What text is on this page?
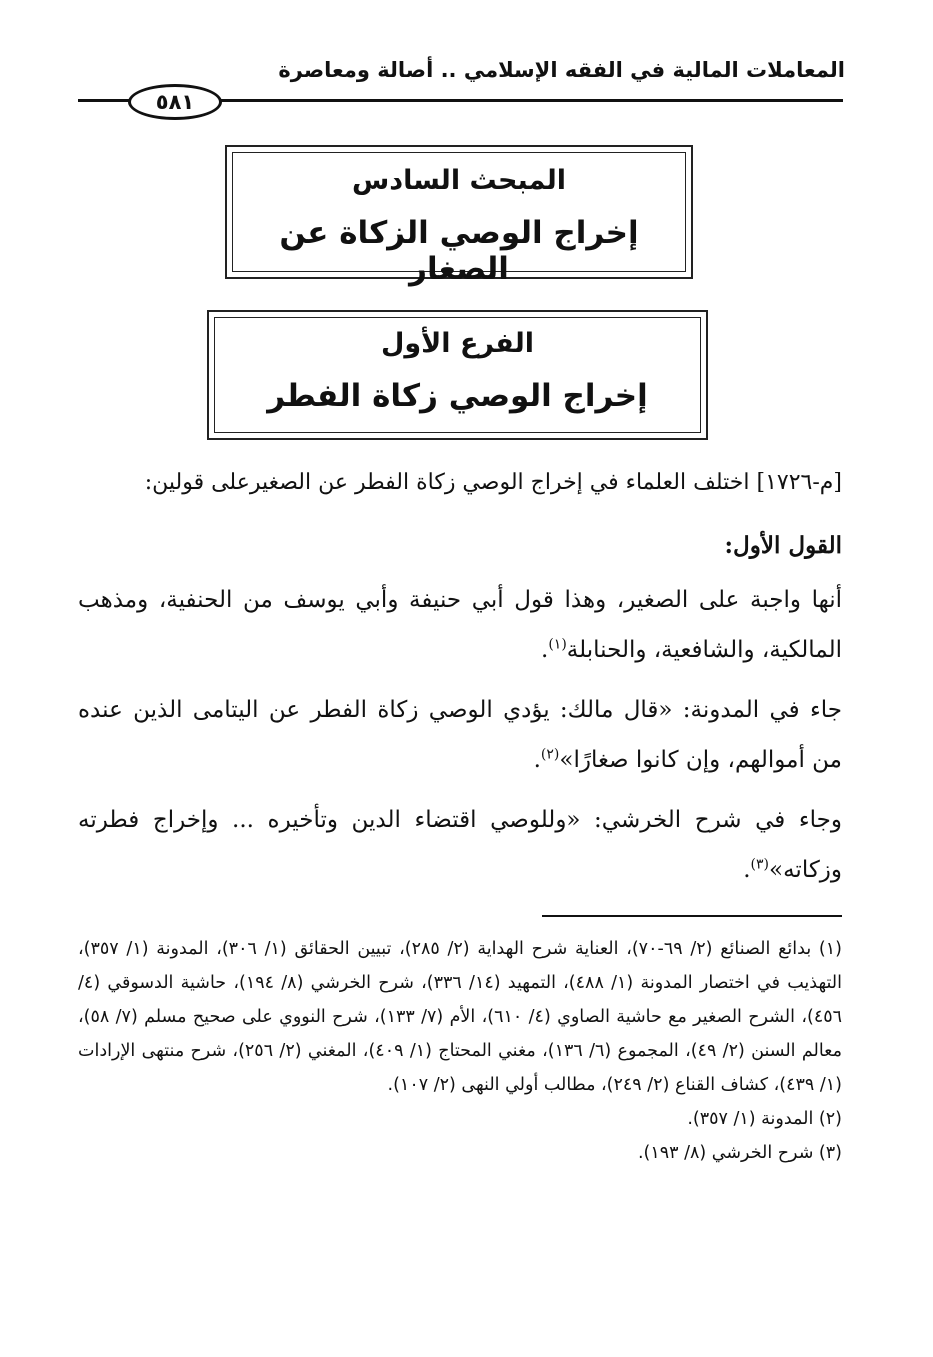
المعاملات المالية في الفقه الإسلامي .. أصالة ومعاصرة
٥٨١
المبحث السادس
إخراج الوصي الزكاة عن الصغار
الفرع الأول
إخراج الوصي زكاة الفطر
[م-١٧٢٦] اختلف العلماء في إخراج الوصي زكاة الفطر عن الصغيرعلى قولين:
القول الأول:
أنها واجبة على الصغير، وهذا قول أبي حنيفة وأبي يوسف من الحنفية، ومذهب المالكية، والشافعية، والحنابلة$^{(١)}$.
جاء في المدونة: «قال مالك: يؤدي الوصي زكاة الفطر عن اليتامى الذين عنده من أموالهم، وإن كانوا صغارًا»$^{(٢)}$.
وجاء في شرح الخرشي: «وللوصي اقتضاء الدين وتأخيره ... وإخراج فطرته وزكاته»$^{(٣)}$.

(١) بدائع الصنائع (٢/ ٦٩-٧٠)، العناية شرح الهداية (٢/ ٢٨٥)، تبيين الحقائق (١/ ٣٠٦)، المدونة (١/ ٣٥٧)، التهذيب في اختصار المدونة (١/ ٤٨٨)، التمهيد (١٤/ ٣٣٦)، شرح الخرشي (٨/ ١٩٤)، حاشية الدسوقي (٤/ ٤٥٦)، الشرح الصغير مع حاشية الصاوي (٤/ ٦١٠)، الأم (٧/ ١٣٣)، شرح النووي على صحيح مسلم (٧/ ٥٨)، معالم السنن (٢/ ٤٩)، المجموع (٦/ ١٣٦)، مغني المحتاج (١/ ٤٠٩)، المغني (٢/ ٢٥٦)، شرح منتهى الإرادات (١/ ٤٣٩)، كشاف القناع (٢/ ٢٤٩)، مطالب أولي النهى (٢/ ١٠٧).

(٢) المدونة (١/ ٣٥٧).

(٣) شرح الخرشي (٨/ ١٩٣).
